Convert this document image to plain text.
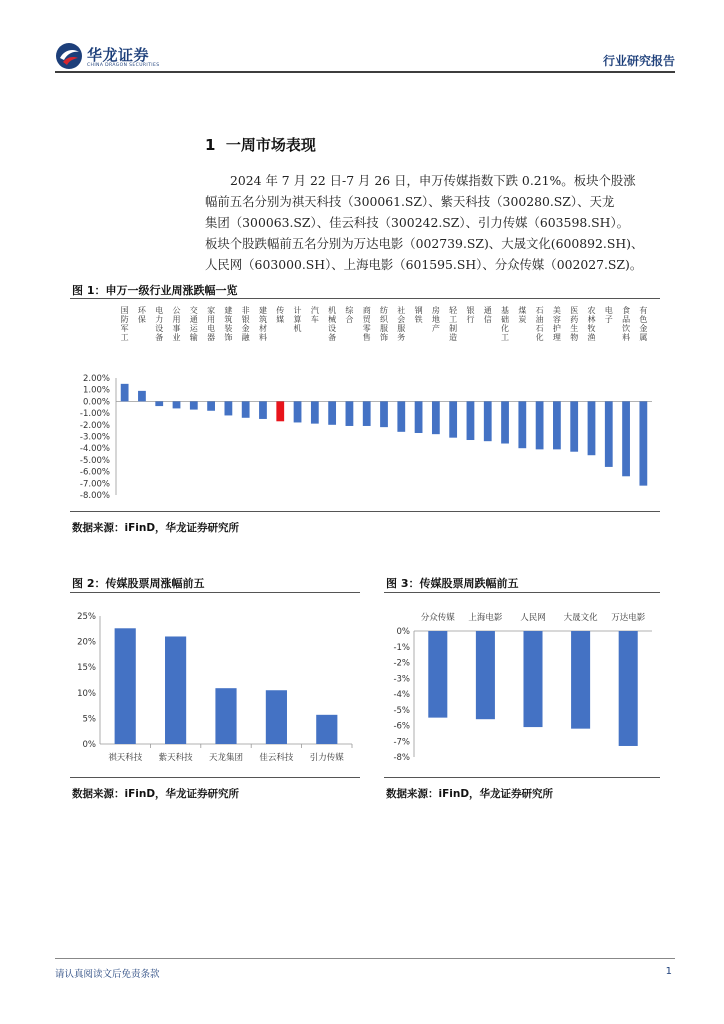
华龙证券
CHINA DRAGON SECURITIES	行业研究报告
1 一周市场表现
2024 年 7 月 22 日-7 月 26 日，申万传媒指数下跌 0.21%。板块个股涨
幅前五名分别为祺天科技（300061.SZ）、紫天科技（300280.SZ）、天龙
集团（300063.SZ）、佳云科技（300242.SZ）、引力传媒（603598.SH）。
板块个股跌幅前五名分别为万达电影（002739.SZ)、大晟文化(600892.SH)、
人民网（603000.SH）、上海电影（601595.SH）、分众传媒（002027.SZ)。
图 1：申万一级行业周涨跌幅一览
2.00%
1.00%
0.00%
-1.00%
-2.00%
-3.00%
-4.00%
-5.00%
-6.00%
-7.00%
-8.00%
国防军工
环保
电力设备
公用事业
交通运输
家用电器
建筑装饰
非银金融
建筑材料
传媒
计算机
汽车
机械设备
综合
商贸零售
纺织服饰
社会服务
钢铁
房地产
轻工制造
银行
通信
基础化工
煤炭
石油石化
美容护理
医药生物
农林牧渔
电子
食品饮料
有色金属
数据来源：iFinD，华龙证券研究所
图 2：传媒股票周涨幅前五
25%
20%
15%
10%
5%
0%
祺天科技 紫天科技 天龙集团 佳云科技 引力传媒
数据来源：iFinD，华龙证券研究所
图 3：传媒股票周跌幅前五
0%
-1%
-2%
-3%
-4%
-5%
-6%
-7%
-8%
分众传媒 上海电影 人民网 大晟文化 万达电影
数据来源：iFinD，华龙证券研究所
请认真阅读文后免责条款	1
